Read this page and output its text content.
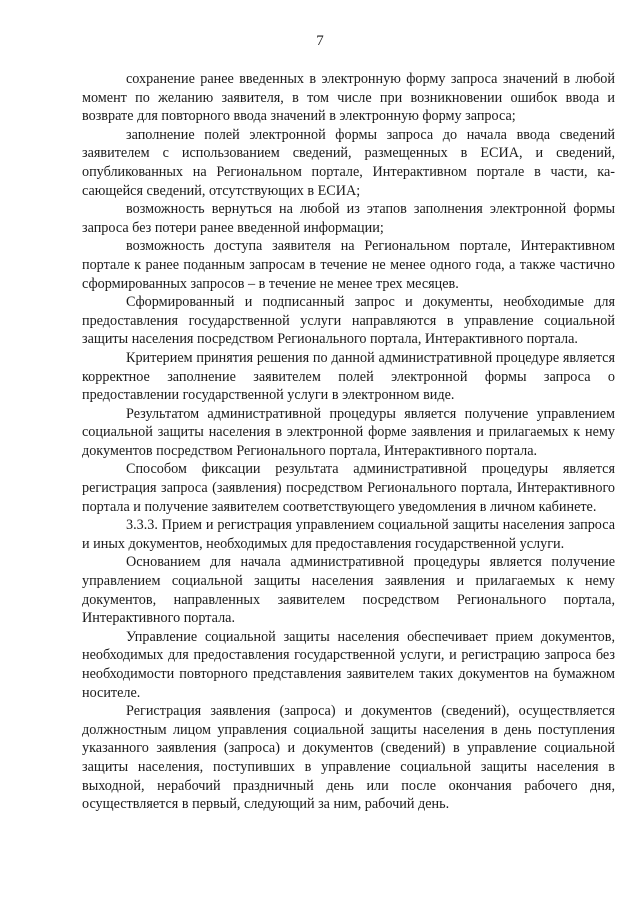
7

сохранение ранее введенных в электронную форму запроса значений в любой момент по желанию заявителя, в том числе при возникновении ошибок ввода и возврате для повторного ввода значений в электронную форму запроса;

заполнение полей электронной формы запроса до начала ввода сведений заявителем с использованием сведений, размещенных в ЕСИА, и сведений, опубликованных на Региональном портале, Интерактивном портале в части, касающейся сведений, отсутствующих в ЕСИА;

возможность вернуться на любой из этапов заполнения электронной формы запроса без потери ранее введенной информации;

возможность доступа заявителя на Региональном портале, Интерактивном портале к ранее поданным запросам в течение не менее одного года, а также частично сформированных запросов – в течение не менее трех месяцев.

Сформированный и подписанный запрос и документы, необходимые для предоставления государственной услуги направляются в управление социальной защиты населения посредством Регионального портала, Интерактивного портала.

Критерием принятия решения по данной административной процедуре является корректное заполнение заявителем полей электронной формы запроса о предоставлении государственной услуги в электронном виде.

Результатом административной процедуры является получение управлением социальной защиты населения в электронной форме заявления и прилагаемых к нему документов посредством Регионального портала, Интерактивного портала.

Способом фиксации результата административной процедуры является регистрация запроса (заявления) посредством Регионального портала, Интерактивного портала и получение заявителем соответствующего уведомления в личном кабинете.

3.3.3. Прием и регистрация управлением социальной защиты населения запроса и иных документов, необходимых для предоставления государственной услуги.

Основанием для начала административной процедуры является получение управлением социальной защиты населения заявления и прилагаемых к нему документов, направленных заявителем посредством Регионального портала, Интерактивного портала.

Управление социальной защиты населения обеспечивает прием документов, необходимых для предоставления государственной услуги, и регистрацию запроса без необходимости повторного представления заявителем таких документов на бумажном носителе.

Регистрация заявления (запроса) и документов (сведений), осуществляется должностным лицом управления социальной защиты населения в день поступления указанного заявления (запроса) и документов (сведений) в управление социальной защиты населения, поступивших в управление социальной защиты населения в выходной, нерабочий праздничный день или после окончания рабочего дня, осуществляется в первый, следующий за ним, рабочий день.
